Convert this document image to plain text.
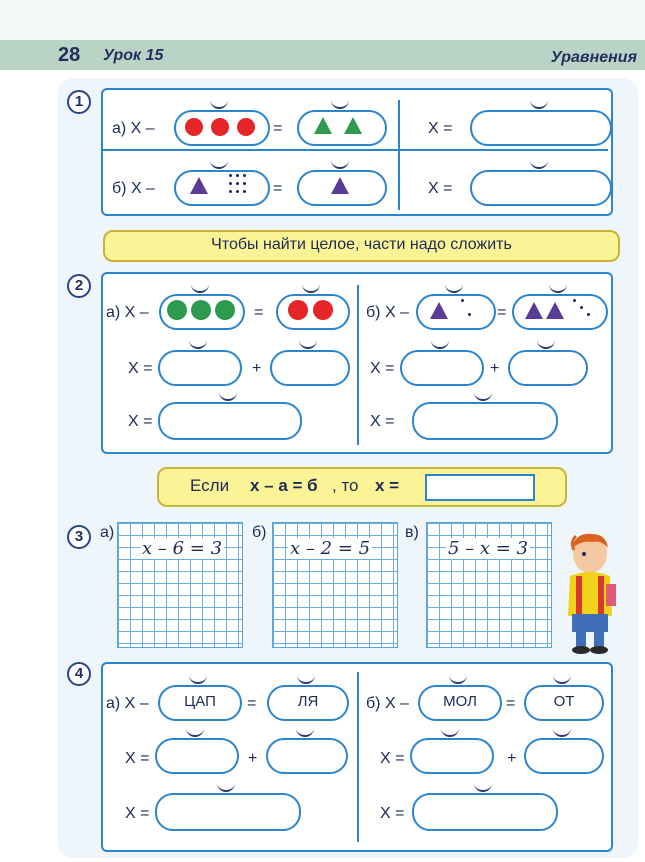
28 Урок 15	Уравнения
1
а) X –	=	X =
б) X –	=	X =
Чтобы найти целое, части надо сложить
2
а) X –	=
X =	+
X =
б) X –	=
X =	+
X =
Если x – a = б , то x =
3	а)
x – 6 = 3
б)
x – 2 = 5
в)
5 – x = 3
4
а) X –	ЦАП	=	ЛЯ
X =	+
X =
б) X –	МОЛ	=	ОТ
X =	+
X =
